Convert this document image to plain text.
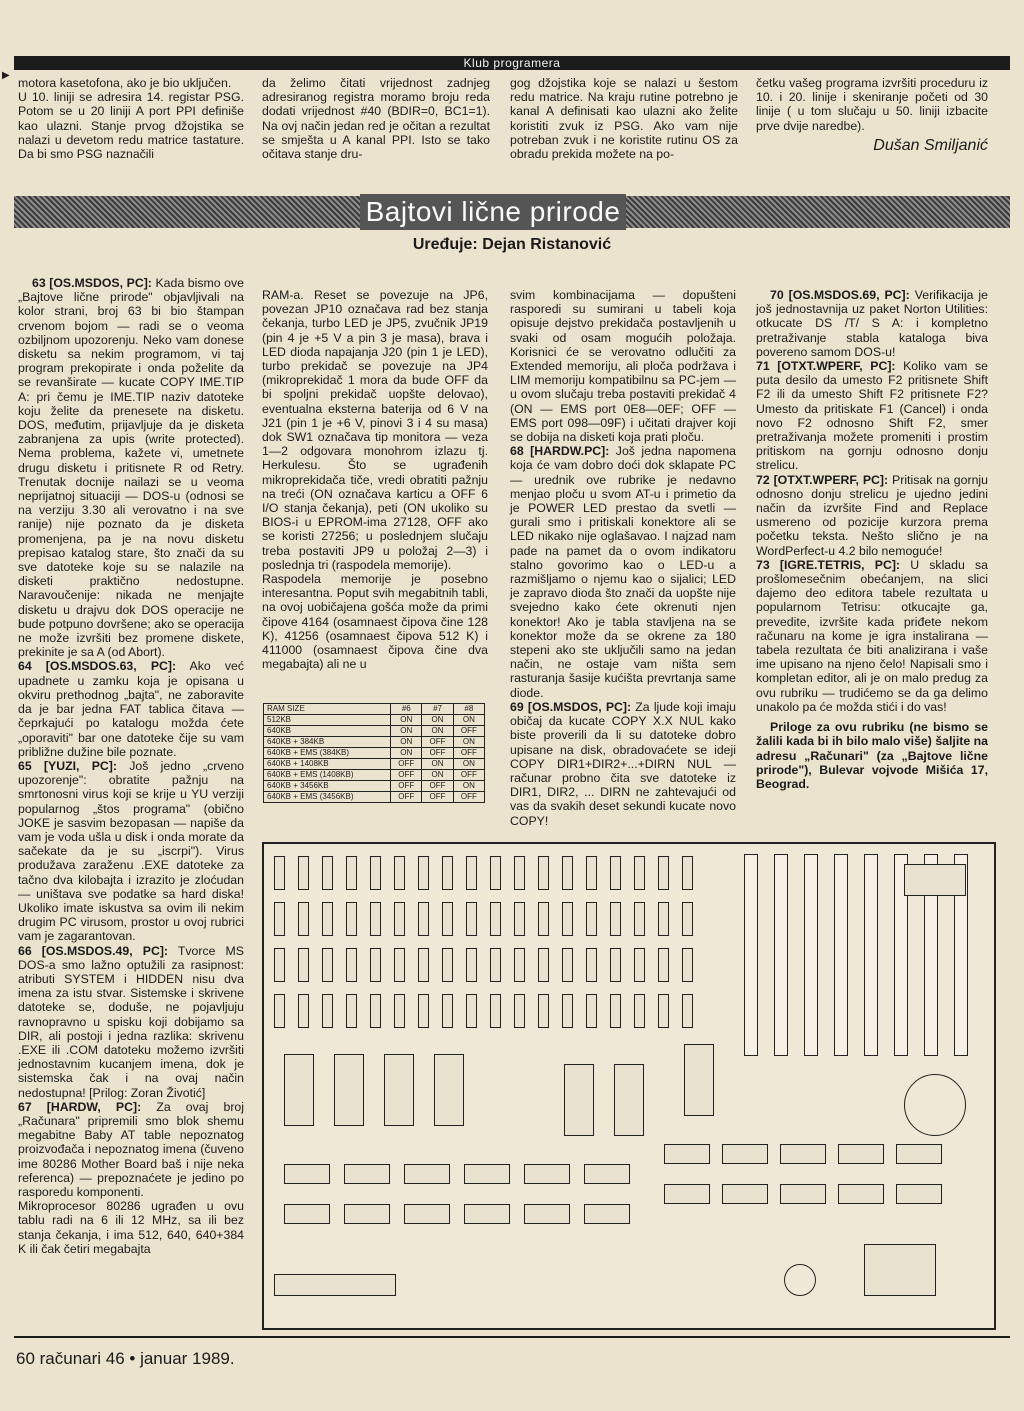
Klub programera
▶
motora kasetofona, ako je bio uključen.
U 10. liniji se adresira 14. registar PSG. Potom se u 20 liniji A port PPI definiše kao ulazni. Stanje prvog džojstika se nalazi u devetom redu matrice tastature. Da bi smo PSG naznačili
da želimo čitati vrijednost zadnjeg adresiranog registra moramo broju reda dodati vrijednost #40 (BDIR=0, BC1=1). Na ovj način jedan red je očitan a rezultat se smješta u A kanal PPI. Isto se tako očitava stanje dru-
gog džojstika koje se nalazi u šestom redu matrice. Na kraju rutine potrebno je kanal A definisati kao ulazni ako želite koristiti zvuk iz PSG. Ako vam nije potreban zvuk i ne koristite rutinu OS za obradu prekida možete na po-

četku vašeg programa izvršiti proceduru iz 10. i 20. linije i skeniranje početi od 30 linije ( u tom slučaju u 50. liniji izbacite prve dvije naredbe).

Dušan Smiljanić
Bajtovi lične prirode
Uređuje: Dejan Ristanović

63 [OS.MSDOS, PC]: Kada bismo ove „Bajtove lične prirode" objavljivali na kolor strani, broj 63 bi bio štampan crvenom bojom — radi se o veoma ozbiljnom upozorenju. Neko vam donese disketu sa nekim programom, vi taj program prekopirate i onda poželite da se revanširate — kucate COPY IME.TIP A: pri čemu je IME.TIP naziv datoteke koju želite da prenesete na disketu. DOS, međutim, prijavljuje da je disketa zabranjena za upis (write protected). Nema problema, kažete vi, umetnete drugu disketu i pritisnete R od Retry. Trenutak docnije nailazi se u veoma neprijatnoj situaciji — DOS-u (odnosi se na verziju 3.30 ali verovatno i na sve ranije) nije poznato da je disketa promenjena, pa je na novu disketu prepisao katalog stare, što znači da su sve datoteke koje su se nalazile na disketi praktično nedostupne. Naravoučenije: nikada ne menjajte disketu u drajvu dok DOS operacije ne bude potpuno dovršene; ako se operacija ne može izvršiti bez promene diskete, prekinite je sa A (od Abort).

64 [OS.MSDOS.63, PC]: Ako već upadnete u zamku koja je opisana u okviru prethodnog „bajta", ne zaboravite da je bar jedna FAT tablica čitava — čeprkajući po katalogu možda ćete „oporaviti" bar one datoteke čije su vam približne dužine bile poznate.

65 [YUZI, PC]: Još jedno „crveno upozorenje": obratite pažnju na smrtonosni virus koji se krije u YU verziji popularnog „štos programa" (obično JOKE je sasvim bezopasan — napiše da vam je voda ušla u disk i onda morate da sačekate da je su „iscrpi"). Virus produžava zaraženu .EXE datoteke za tačno dva kilobajta i izrazito je zloćudan — uništava sve podatke sa hard diska! Ukoliko imate iskustva sa ovim ili nekim drugim PC virusom, prostor u ovoj rubrici vam je zagarantovan.

66 [OS.MSDOS.49, PC]: Tvorce MS DOS-a smo lažno optužili za rasipnost: atributi SYSTEM i HIDDEN nisu dva imena za istu stvar. Sistemske i skrivene datoteke se, doduše, ne pojavljuju ravnopravno u spisku koji dobijamo sa DIR, ali postoji i jedna razlika: skrivenu .EXE ili .COM datoteku možemo izvršiti jednostavnim kucanjem imena, dok je sistemska čak i na ovaj način nedostupna! [Prilog: Zoran Životić]

67 [HARDW, PC]: Za ovaj broj „Računara" pripremili smo blok shemu megabitne Baby AT table nepoznatog proizvođača i nepoznatog imena (čuveno ime 80286 Mother Board baš i nije neka referenca) — prepoznaćete je jedino po rasporedu komponenti.
Mikroprocesor 80286 ugrađen u ovu tablu radi na 6 ili 12 MHz, sa ili bez stanja čekanja, i ima 512, 640, 640+384 K ili čak četiri megabajta

RAM-a. Reset se povezuje na JP6, povezan JP10 označava rad bez stanja čekanja, turbo LED je JP5, zvučnik JP19 (pin 4 je +5 V a pin 3 je masa), brava i LED dioda napajanja J20 (pin 1 je LED), turbo prekidač se povezuje na JP4 (mikroprekidač 1 mora da bude OFF da bi spoljni prekidač uopšte delovao), eventualna eksterna baterija od 6 V na J21 (pin 1 je +6 V, pinovi 3 i 4 su masa) dok SW1 označava tip monitora — veza 1—2 odgovara monohrom izlazu tj. Herkulesu. Što se ugrađenih mikroprekidača tiče, vredi obratiti pažnju na treći (ON označava karticu a OFF 6 I/O stanja čekanja), peti (ON ukoliko su BIOS-i u EPROM-ima 27128, OFF ako se koristi 27256; u poslednjem slučaju treba postaviti JP9 u položaj 2—3) i poslednja tri (raspodela memorije).

Raspodela memorije je posebno interesantna. Poput svih megabitnih tabli, na ovoj uobičajena gošća može da primi čipove 4164 (osamnaest čipova čine 128 K), 41256 (osamnaest čipova 512 K) i 411000 (osamnaest čipova čine dva megabajta) ali ne u

svim kombinacijama — dopušteni rasporedi su sumirani u tabeli koja opisuje dejstvo prekidača postavljenih u svaki od osam mogućih položaja. Korisnici će se verovatno odlučiti za Extended memoriju, ali ploča podržava i LIM memoriju kompatibilnu sa PC-jem — u ovom slučaju treba postaviti prekidač 4 (ON — EMS port 0E8—0EF; OFF — EMS port 098—09F) i učitati drajver koji se dobija na disketi koja prati ploču.

68 [HARDW.PC]: Još jedna napomena koja će vam dobro doći dok sklapate PC — urednik ove rubrike je nedavno menjao ploču u svom AT-u i primetio da je POWER LED prestao da svetli — gurali smo i pritiskali konektore ali se LED nikako nije oglašavao. I najzad nam pade na pamet da o ovom indikatoru stalno govorimo kao o LED-u a razmišljamo o njemu kao o sijalici; LED je zapravo dioda što znači da uopšte nije svejedno kako ćete okrenuti njen konektor! Ako je tabla stavljena na se konektor može da se okrene za 180 stepeni ako ste uključili samo na jedan način, ne ostaje vam ništa sem rasturanja šasije kućišta prevrtanja same diode.

69 [OS.MSDOS, PC]: Za ljude koji imaju običaj da kucate COPY X.X NUL kako biste proverili da li su datoteke dobro upisane na disk, obradovaćete se ideji COPY DIR1+DIR2+...+DIRN NUL — računar probno čita sve datoteke iz DIR1, DIR2, ... DIRN ne zahtevajući od vas da svakih deset sekundi kucate novo COPY!

70 [OS.MSDOS.69, PC]: Verifikacija je još jednostavnija uz paket Norton Utilities: otkucate DS /T/ S A: i kompletno pretraživanje stabla kataloga biva povereno samom DOS-u!

71 [OTXT.WPERF, PC]: Koliko vam se puta desilo da umesto F2 pritisnete Shift F2 ili da umesto Shift F2 pritisnete F2? Umesto da pritiskate F1 (Cancel) i onda novo F2 odnosno Shift F2, smer pretraživanja možete promeniti i prostim pritiskom na gornju odnosno donju strelicu.

72 [OTXT.WPERF, PC]: Pritisak na gornju odnosno donju strelicu je ujedno jedini način da izvršite Find and Replace usmereno od pozicije kurzora prema početku teksta. Nešto slično je na WordPerfect-u 4.2 bilo nemoguće!

73 [IGRE.TETRIS, PC]: U skladu sa prošlomesečnim obećanjem, na slici dajemo deo editora tabele rezultata u popularnom Tetrisu: otkucajte ga, prevedite, izvršite kada priđete nekom računaru na kome je igra instalirana — tabela rezultata će biti analizirana i vaše ime upisano na njeno čelo! Napisali smo i kompletan editor, ali je on malo predug za ovu rubriku — trudićemo se da ga delimo unakolo pa će možda stići i do vas!

Priloge za ovu rubriku (ne bismo se žalili kada bi ih bilo malo više) šaljite na adresu „Računari" (za „Bajtove lične prirode"), Bulevar vojvode Mišića 17, Beograd.

RAM SIZE	#6	#7	#8
512KB	ON	ON	ON
640KB	ON	ON	OFF
640KB + 384KB	ON	OFF	ON
640KB + EMS (384KB)	ON	OFF	OFF
640KB + 1408KB	OFF	ON	ON
640KB + EMS (1408KB)	OFF	ON	OFF
640KB + 3456KB	OFF	OFF	ON
640KB + EMS (3456KB)	OFF	OFF	OFF
60 računari 46 • januar 1989.
